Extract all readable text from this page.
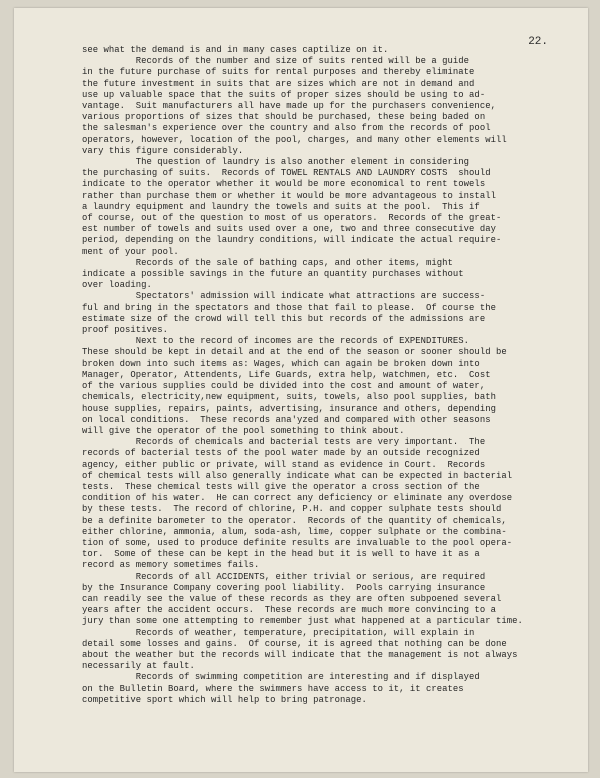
22.
see what the demand is and in many cases captilize on it.
Records of the number and size of suits rented will be a guide
in the future purchase of suits for rental purposes and thereby eliminate
the future investment in suits that are sizes which are not in demand and
use up valuable space that the suits of proper sizes should be using to ad-
vantage.  Suit manufacturers all have made up for the purchasers convenience,
various proportions of sizes that should be purchased, these being baded on
the salesman's experience over the country and also from the records of pool
operators, however, location of the pool, charges, and many other elements will
vary this figure considerably.
The question of laundry is also another element in considering
the purchasing of suits.  Records of TOWEL RENTALS AND LAUNDRY COSTS  should
indicate to the operator whether it would be more economical to rent towels
rather than purchase them or whether it would be more advantageous to install
a laundry equipment and laundry the towels and suits at the pool.  This if
of course, out of the question to most of us operators.  Records of the great-
est number of towels and suits used over a one, two and three consecutive day
period, depending on the laundry conditions, will indicate the actual require-
ment of your pool.
Records of the sale of bathing caps, and other items, might
indicate a possible savings in the future an quantity purchases without
over loading.
Spectators' admission will indicate what attractions are success-
ful and bring in the spectators and those that fail to please.  Of course the
estimate size of the crowd will tell this but records of the admissions are
proof positives.
Next to the record of incomes are the records of EXPENDITURES.
These should be kept in detail and at the end of the season or sooner should be
broken down into such items as: Wages, which can again be broken down into
Manager, Operator, Attendents, Life Guards, extra help, watchmen, etc.  Cost
of the various supplies could be divided into the cost and amount of water,
chemicals, electricity,new equipment, suits, towels, also pool supplies, bath
house supplies, repairs, paints, advertising, insurance and others, depending
on local conditions.  These records ana'yzed and compared with other seasons
will give the operator of the pool something to think about.
Records of chemicals and bacterial tests are very important.  The
records of bacterial tests of the pool water made by an outside recognized
agency, either public or private, will stand as evidence in Court.  Records
of chemical tests will also generally indicate what can be expected in bacterial
tests.  These chemical tests will give the operator a cross section of the
condition of his water.  He can correct any deficiency or eliminate any overdose
by these tests.  The record of chlorine, P.H. and copper sulphate tests should
be a definite barometer to the operator.  Records of the quantity of chemicals,
either chlorine, ammonia, alum, soda-ash, lime, copper sulphate or the combina-
tion of some, used to produce definite results are invaluable to the pool opera-
tor.  Some of these can be kept in the head but it is well to have it as a
record as memory sometimes fails.
Records of all ACCIDENTS, either trivial or serious, are required
by the Insurance Company covering pool liability.  Pools carrying insurance
can readily see the value of these records as they are often subpoened several
years after the accident occurs.  These records are much more convincing to a
jury than some one attempting to remember just what happened at a particular time.
Records of weather, temperature, precipitation, will explain in
detail some losses and gains.  Of course, it is agreed that nothing can be done
about the weather but the records will indicate that the management is not always
necessarily at fault.
Records of swimming competition are interesting and if displayed
on the Bulletin Board, where the swimmers have access to it, it creates
competitive sport which will help to bring patronage.
